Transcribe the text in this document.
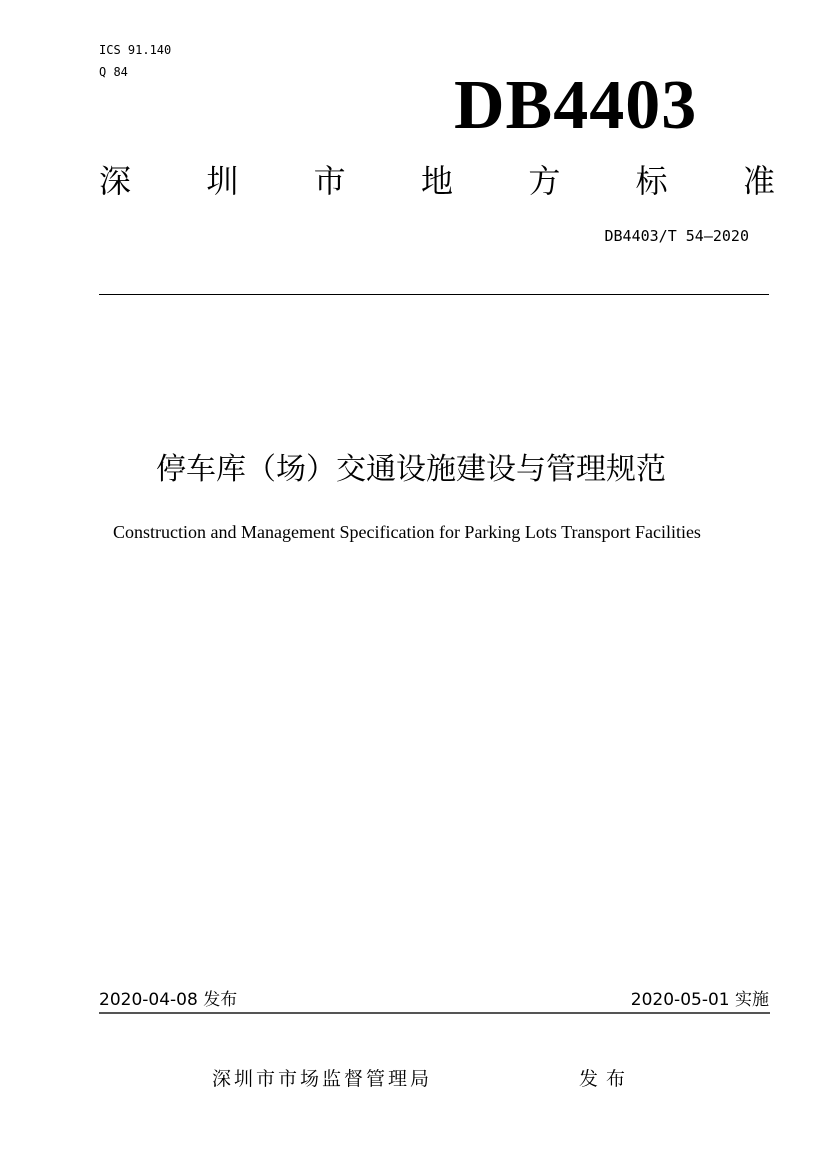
ICS 91.140
Q 84	DB4403
深 圳 市 地 方 标 准
DB4403/T 54—2020
停车库（场）交通设施建设与管理规范
Construction and Management Specification for Parking Lots Transport Facilities
2020-04-08 发布	2020-05-01 实施
深圳市市场监督管理局	发布
